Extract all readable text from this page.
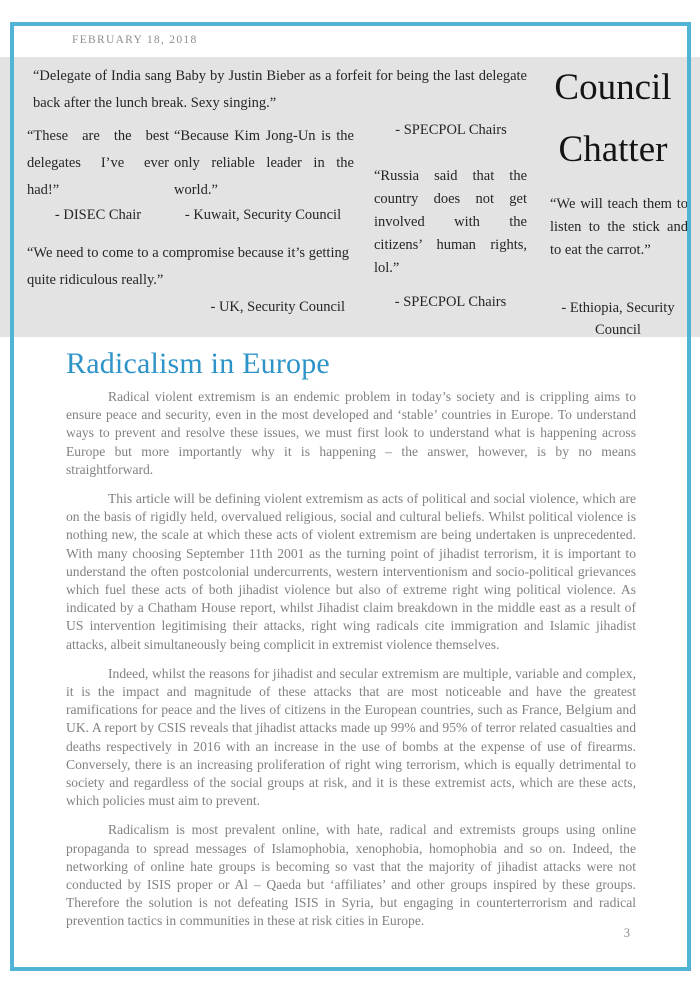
“Delegate of India sang Baby by Justin Bieber as a forfeit for being the last delegate back after the lunch break. Sexy singing.”
- SPECPOL Chairs
Council
Chatter
“These are the best delegates I’ve ever had!”
- DISEC Chair
“Because Kim Jong-Un is the only reliable leader in the world.”
- Kuwait, Security Council
“Russia said that the country does not get involved with the citizens’ human rights, lol.”
- SPECPOL Chairs
“We will teach them to listen to the stick and to eat the carrot.”
- Ethiopia, Security Council
“We need to come to a compromise because it’s getting quite ridiculous really.”
- UK, Security Council
FEBRUARY 18, 2018
Radicalism in Europe

Radical violent extremism is an endemic problem in today’s society and is crippling aims to ensure peace and security, even in the most developed and ‘stable’ countries in Europe. To understand ways to prevent and resolve these issues, we must first look to understand what is happening across Europe but more importantly why it is happening – the answer, however, is by no means straightforward.

This article will be defining violent extremism as acts of political and social violence, which are on the basis of rigidly held, overvalued religious, social and cultural beliefs. Whilst political violence is nothing new, the scale at which these acts of violent extremism are being undertaken is unprecedented. With many choosing September 11th 2001 as the turning point of jihadist terrorism, it is important to understand the often postcolonial undercurrents, western interventionism and socio-political grievances which fuel these acts of both jihadist violence but also of extreme right wing political violence. As indicated by a Chatham House report, whilst Jihadist claim breakdown in the middle east as a result of US intervention legitimising their attacks, right wing radicals cite immigration and Islamic jihadist attacks, albeit simultaneously being complicit in extremist violence themselves.

Indeed, whilst the reasons for jihadist and secular extremism are multiple, variable and complex, it is the impact and magnitude of these attacks that are most noticeable and have the greatest ramifications for peace and the lives of citizens in the European countries, such as France, Belgium and UK. A report by CSIS reveals that jihadist attacks made up 99% and 95% of terror related casualties and deaths respectively in 2016 with an increase in the use of bombs at the expense of use of firearms. Conversely, there is an increasing proliferation of right wing terrorism, which is equally detrimental to society and regardless of the social groups at risk, and it is these extremist acts, which are these acts, which policies must aim to prevent.

Radicalism is most prevalent online, with hate, radical and extremists groups using online propaganda to spread messages of Islamophobia, xenophobia, homophobia and so on. Indeed, the networking of online hate groups is becoming so vast that the majority of jihadist attacks were not conducted by ISIS proper or Al – Qaeda but ‘affiliates’ and other groups inspired by these groups. Therefore the solution is not defeating ISIS in Syria, but engaging in counterterrorism and radical prevention tactics in communities in these at risk cities in Europe.

3
